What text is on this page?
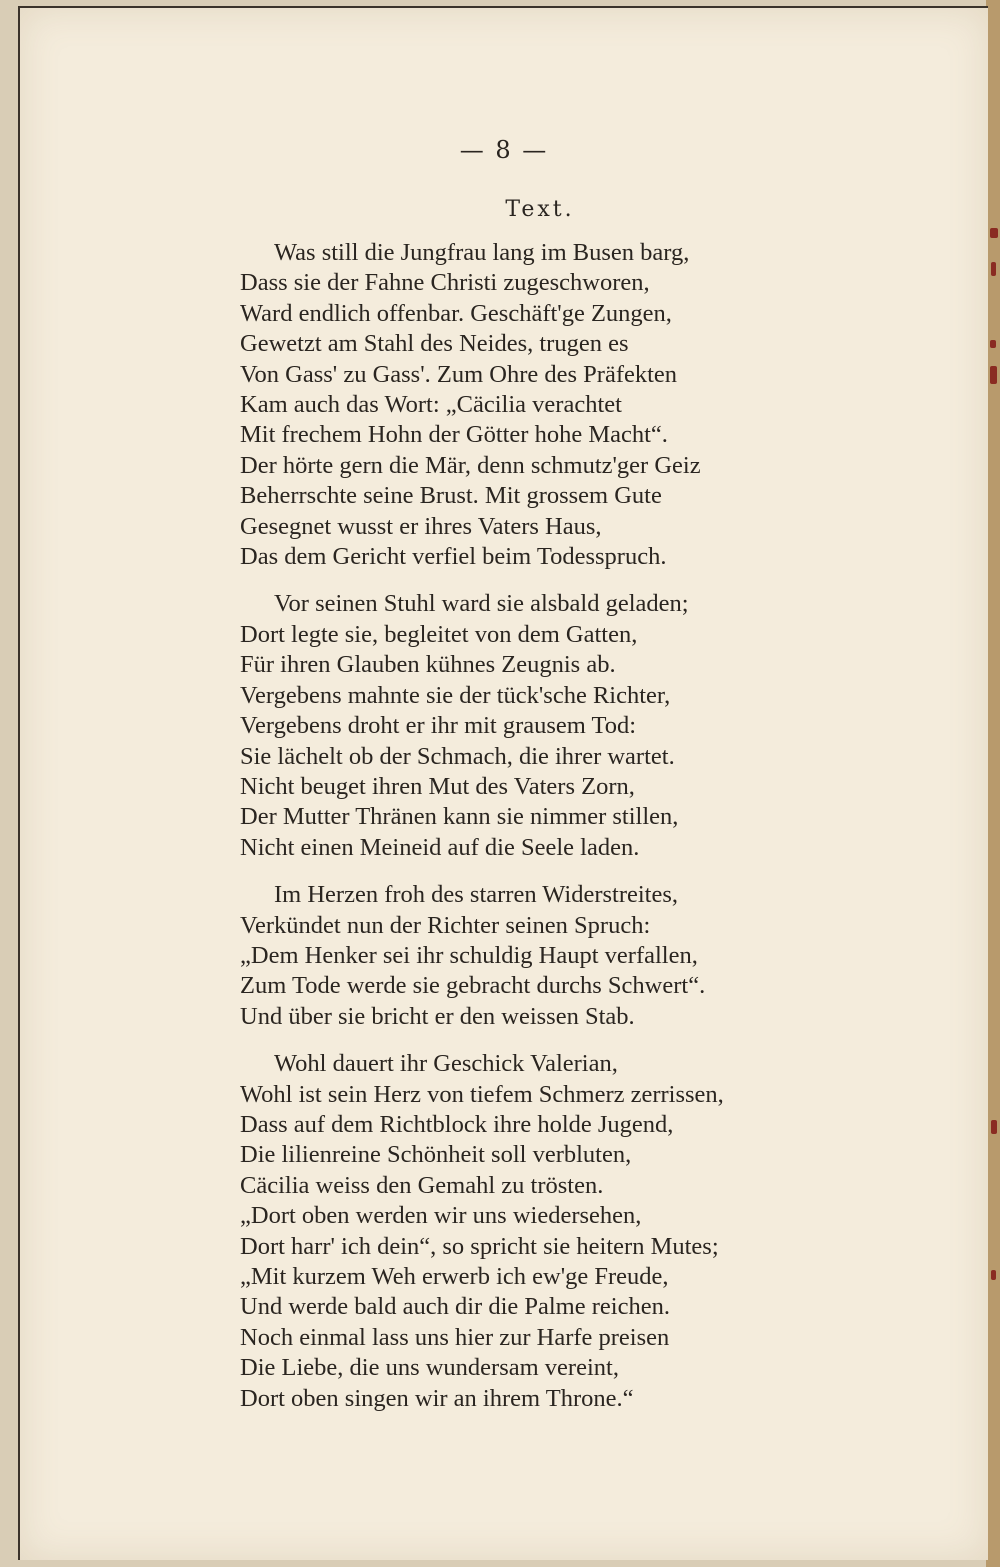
— 8 —
Text.
Was still die Jungfrau lang im Busen barg,
Dass sie der Fahne Christi zugeschworen,
Ward endlich offenbar. Geschäft'ge Zungen,
Gewetzt am Stahl des Neides, trugen es
Von Gass' zu Gass'. Zum Ohre des Präfekten
Kam auch das Wort: „Cäcilia verachtet
Mit frechem Hohn der Götter hohe Macht“.
Der hörte gern die Mär, denn schmutz'ger Geiz
Beherrschte seine Brust. Mit grossem Gute
Gesegnet wusst er ihres Vaters Haus,
Das dem Gericht verfiel beim Todesspruch.
Vor seinen Stuhl ward sie alsbald geladen;
Dort legte sie, begleitet von dem Gatten,
Für ihren Glauben kühnes Zeugnis ab.
Vergebens mahnte sie der tück'sche Richter,
Vergebens droht er ihr mit grausem Tod:
Sie lächelt ob der Schmach, die ihrer wartet.
Nicht beuget ihren Mut des Vaters Zorn,
Der Mutter Thränen kann sie nimmer stillen,
Nicht einen Meineid auf die Seele laden.
Im Herzen froh des starren Widerstreites,
Verkündet nun der Richter seinen Spruch:
„Dem Henker sei ihr schuldig Haupt verfallen,
Zum Tode werde sie gebracht durchs Schwert“.
Und über sie bricht er den weissen Stab.
Wohl dauert ihr Geschick Valerian,
Wohl ist sein Herz von tiefem Schmerz zerrissen,
Dass auf dem Richtblock ihre holde Jugend,
Die lilienreine Schönheit soll verbluten,
Cäcilia weiss den Gemahl zu trösten.
„Dort oben werden wir uns wiedersehen,
Dort harr' ich dein“, so spricht sie heitern Mutes;
„Mit kurzem Weh erwerb ich ew'ge Freude,
Und werde bald auch dir die Palme reichen.
Noch einmal lass uns hier zur Harfe preisen
Die Liebe, die uns wundersam vereint,
Dort oben singen wir an ihrem Throne.“
